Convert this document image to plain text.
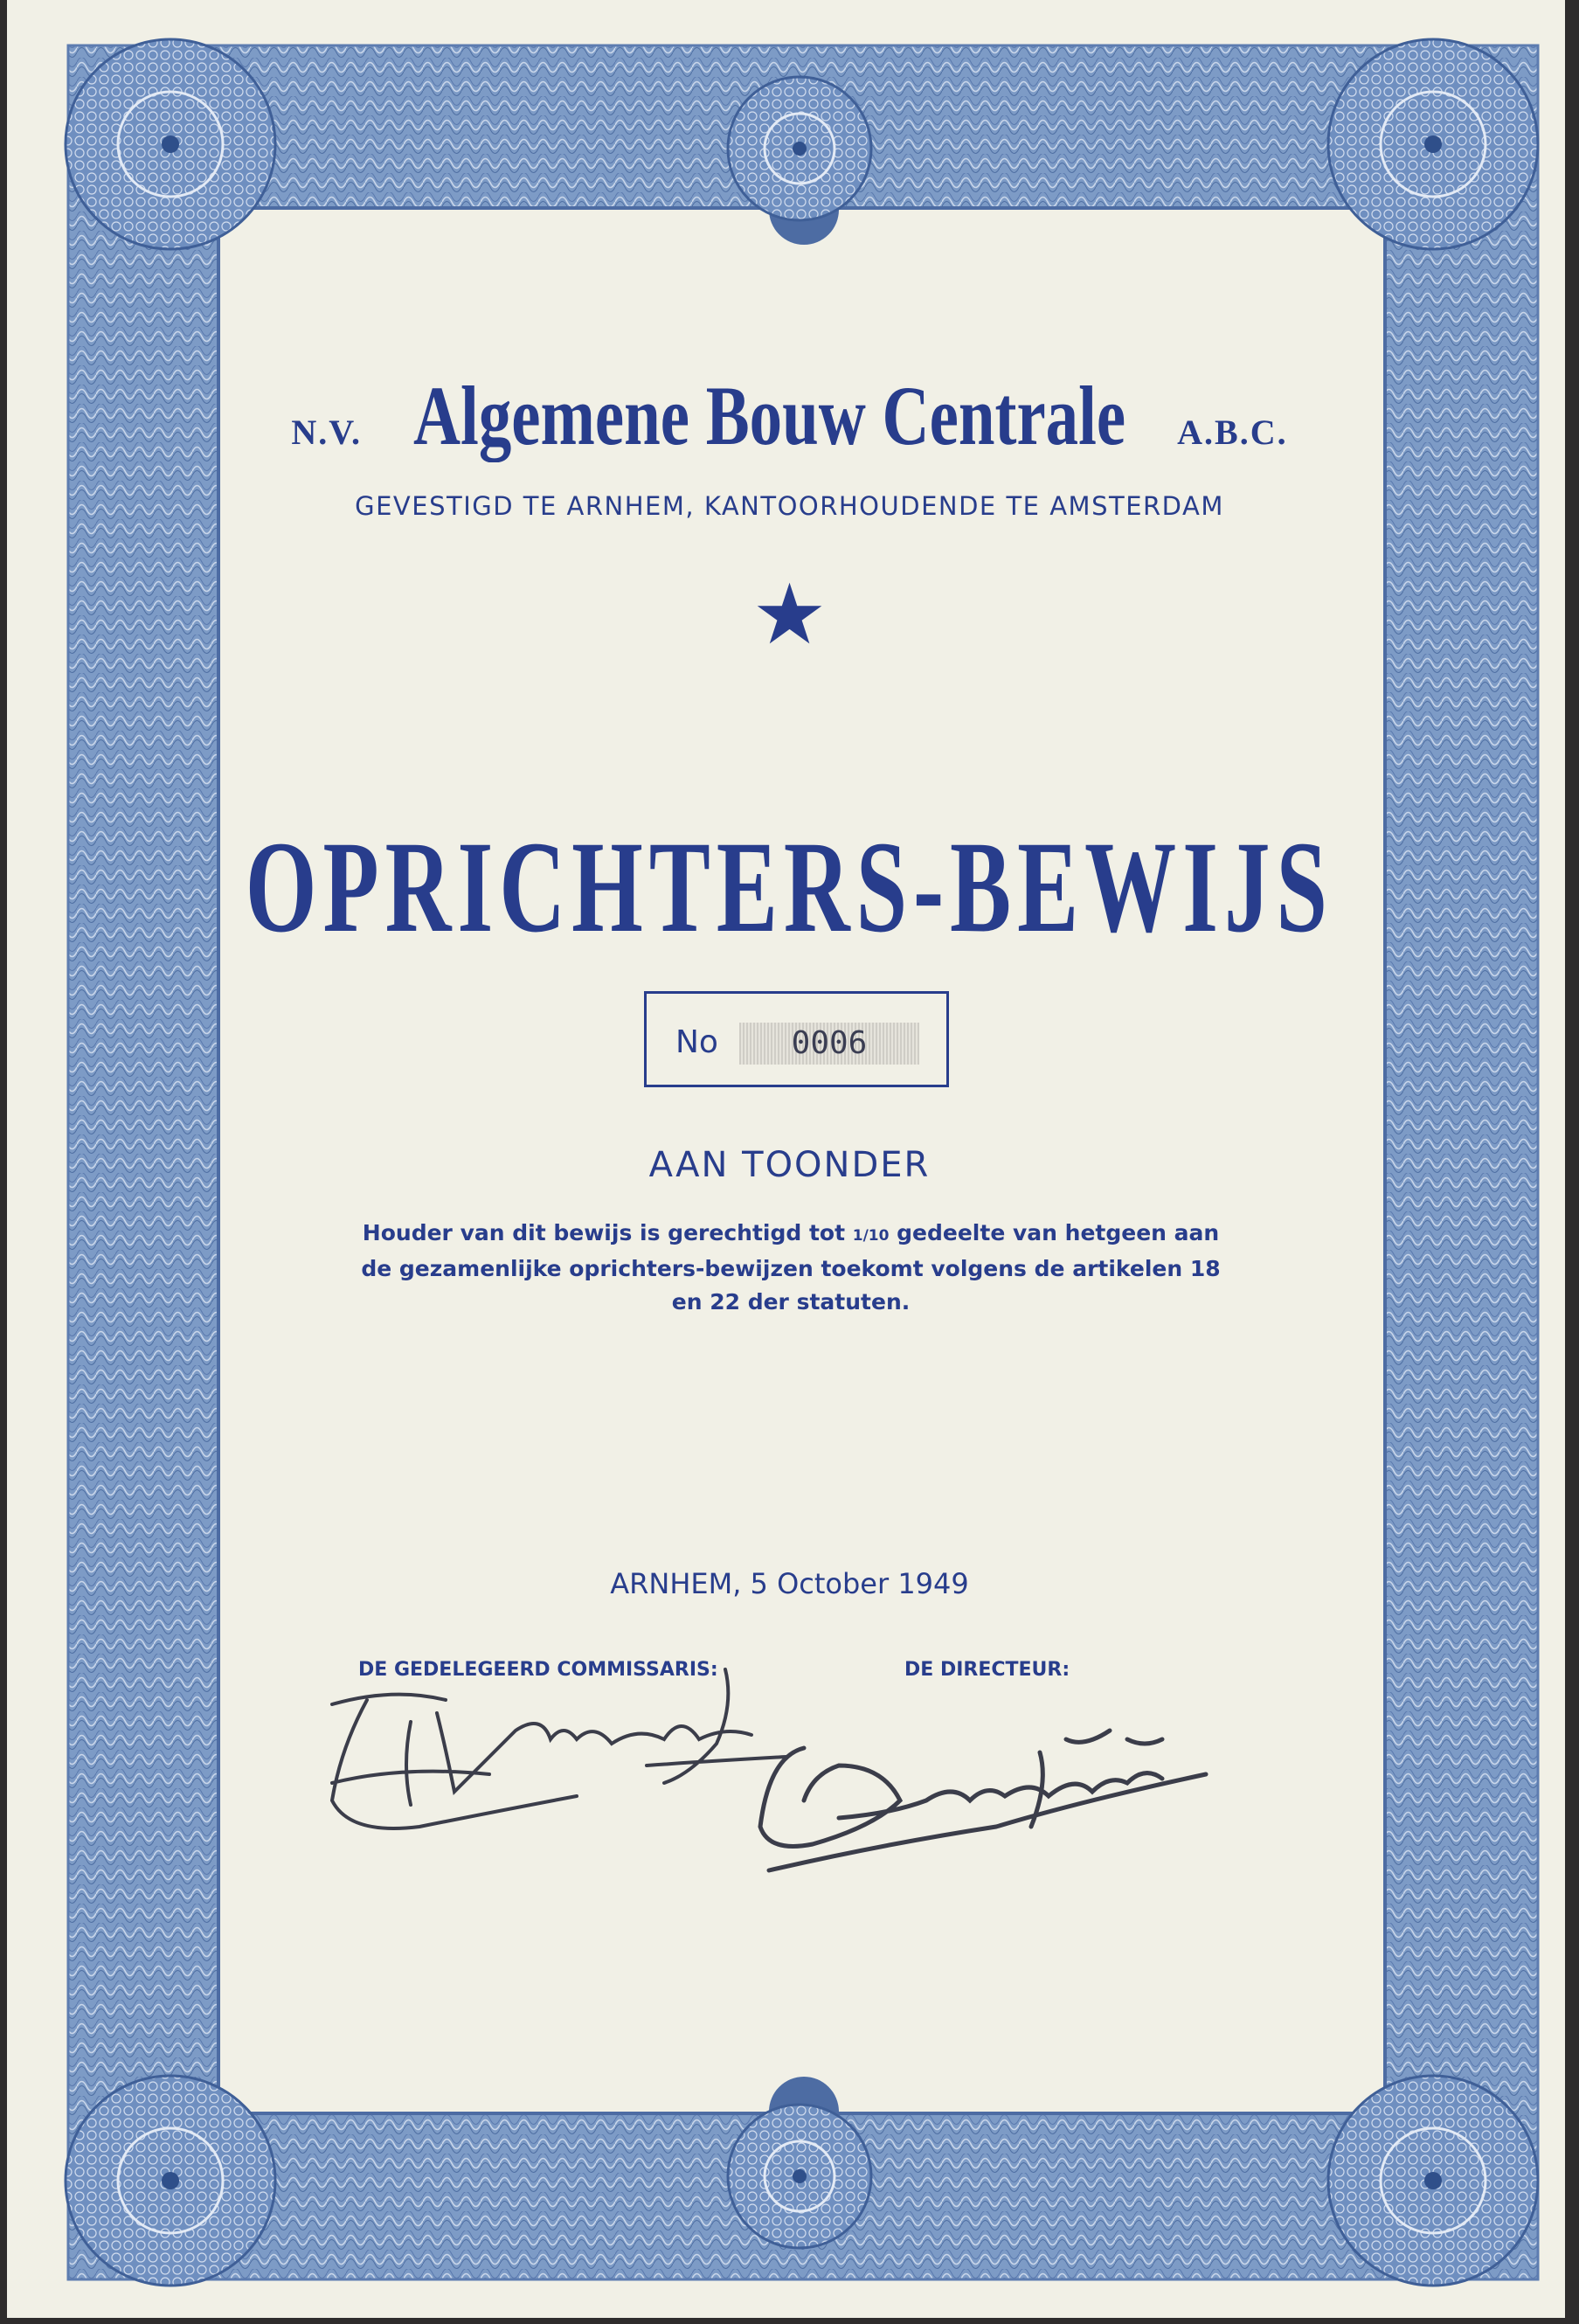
N.V. Algemene Bouw Centrale A.B.C.
GEVESTIGD TE ARNHEM, KANTOORHOUDENDE TE AMSTERDAM
★
OPRICHTERS-BEWIJS
No	0006
AAN TOONDER
Houder van dit bewijs is gerechtigd tot 1/10 gedeelte van hetgeen aan de gezamenlijke oprichters-bewijzen toekomt volgens de artikelen 18 en 22 der statuten.
ARNHEM, 5 October 1949
DE GEDELEGEERD COMMISSARIS:	DE DIRECTEUR:
